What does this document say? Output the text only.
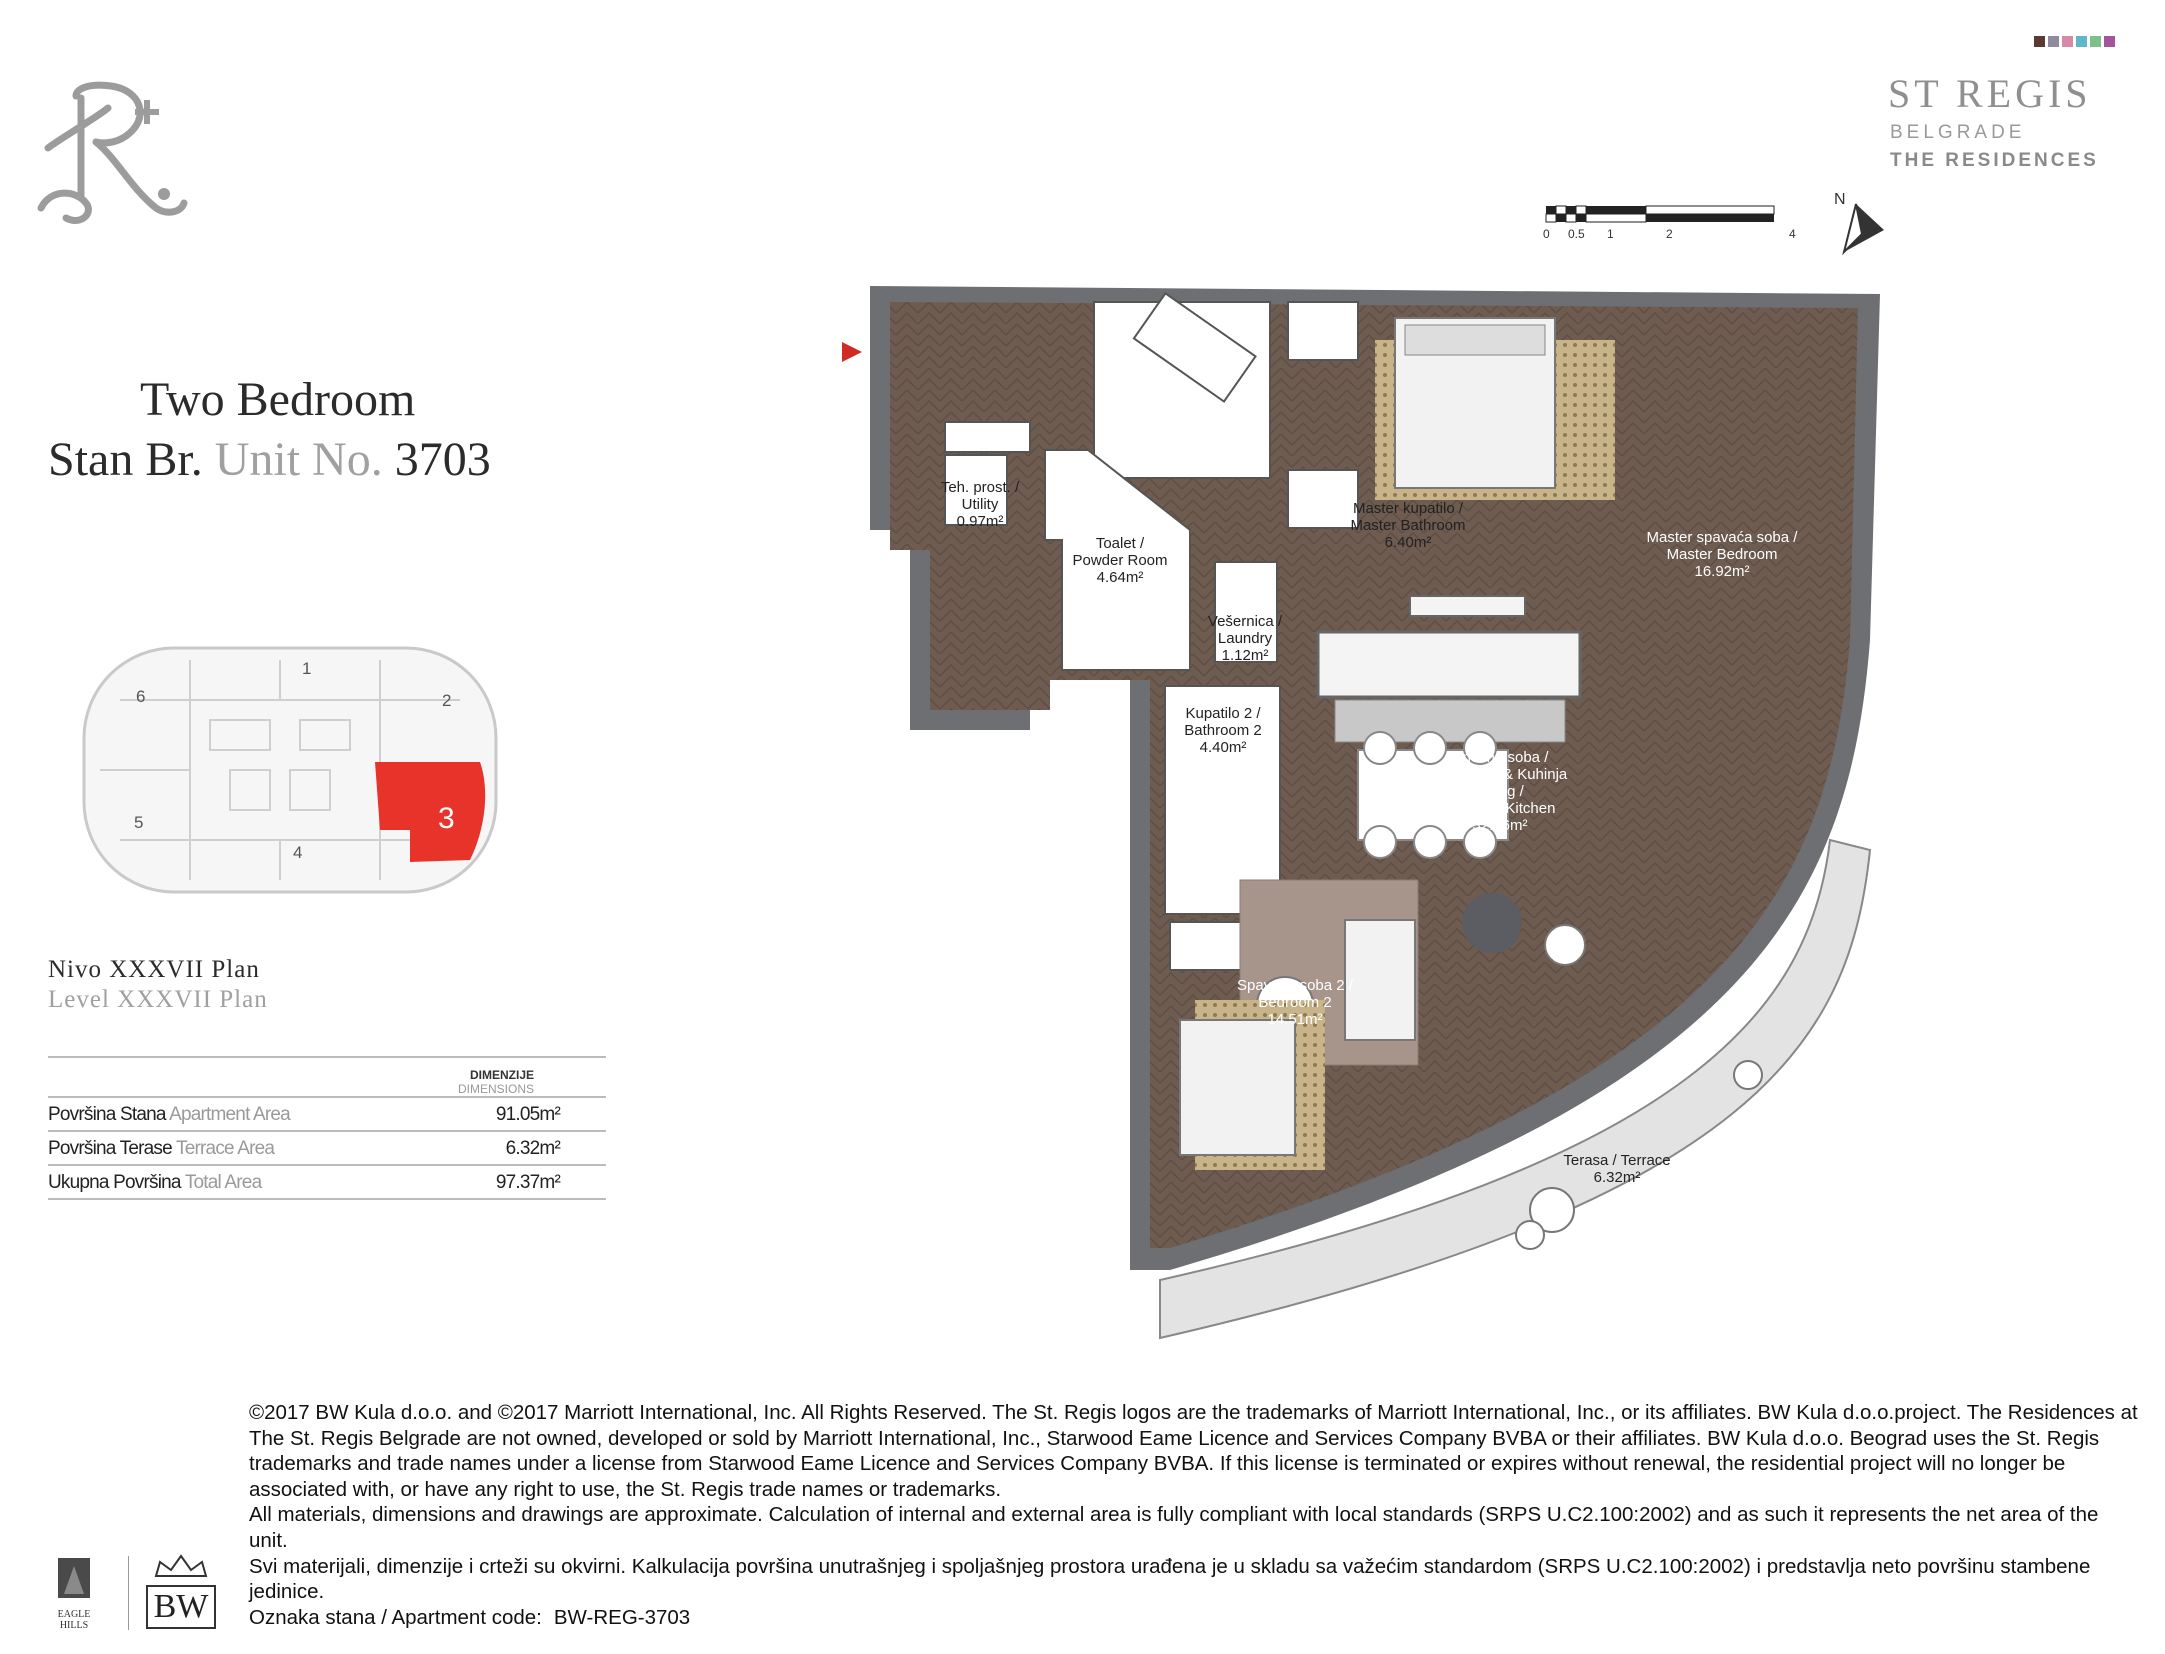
ST REGIS
BELGRADE
THE RESIDENCES
Two Bedroom
Stan Br. Unit No. 3703
1
2
4
5
6
3
Nivo XXXVII Plan
Level XXXVII Plan
DIMENZIJE
DIMENSIONS
Površina Stana Apartment Area	91.05m²
Površina Terase Terrace Area	6.32m²
Ukupna Površina Total Area	97.37m²
0 0.5 1	2	4
N
Hodnik / Corridor 9.53m²
Master kupatilo / Master Bathroom 6.40m²	Master spavaća soba / Master Bedroom 16.92m²
Teh. prost. / Utility 0.97m²
Toalet / Powder Room 4.64m²
Vešernica / Laundry 1.12m²
Kupatilo 2 / Bathroom 2 4.40m²
Dnevna soba / Trpezarija & Kuhinja Living / Dining & Kitchen 32.56m²
Spavaća soba 2 / Bedroom 2 14.51m²
Terasa / Terrace 6.32m²
EAGLE HILLS
BW

©2017 BW Kula d.o.o. and ©2017 Marriott International, Inc. All Rights Reserved. The St. Regis logos are the trademarks of Marriott International, Inc., or its affiliates. BW Kula d.o.o.project. The Residences at The St. Regis Belgrade are not owned, developed or sold by Marriott International, Inc., Starwood Eame Licence and Services Company BVBA or their affiliates. BW Kula d.o.o. Beograd uses the St. Regis trademarks and trade names under a license from Starwood Eame Licence and Services Company BVBA. If this license is terminated or expires without renewal, the residential project will no longer be associated with, or have any right to use, the St. Regis trade names or trademarks.

All materials, dimensions and drawings are approximate. Calculation of internal and external area is fully compliant with local standards (SRPS U.C2.100:2002) and as such it represents the net area of the unit.

Svi materijali, dimenzije i crteži su okvirni. Kalkulacija površina unutrašnjeg i spoljašnjeg prostora urađena je u skladu sa važećim standardom (SRPS U.C2.100:2002) i predstavlja neto površinu stambene jedinice.

Oznaka stana / Apartment code: BW-REG-3703
